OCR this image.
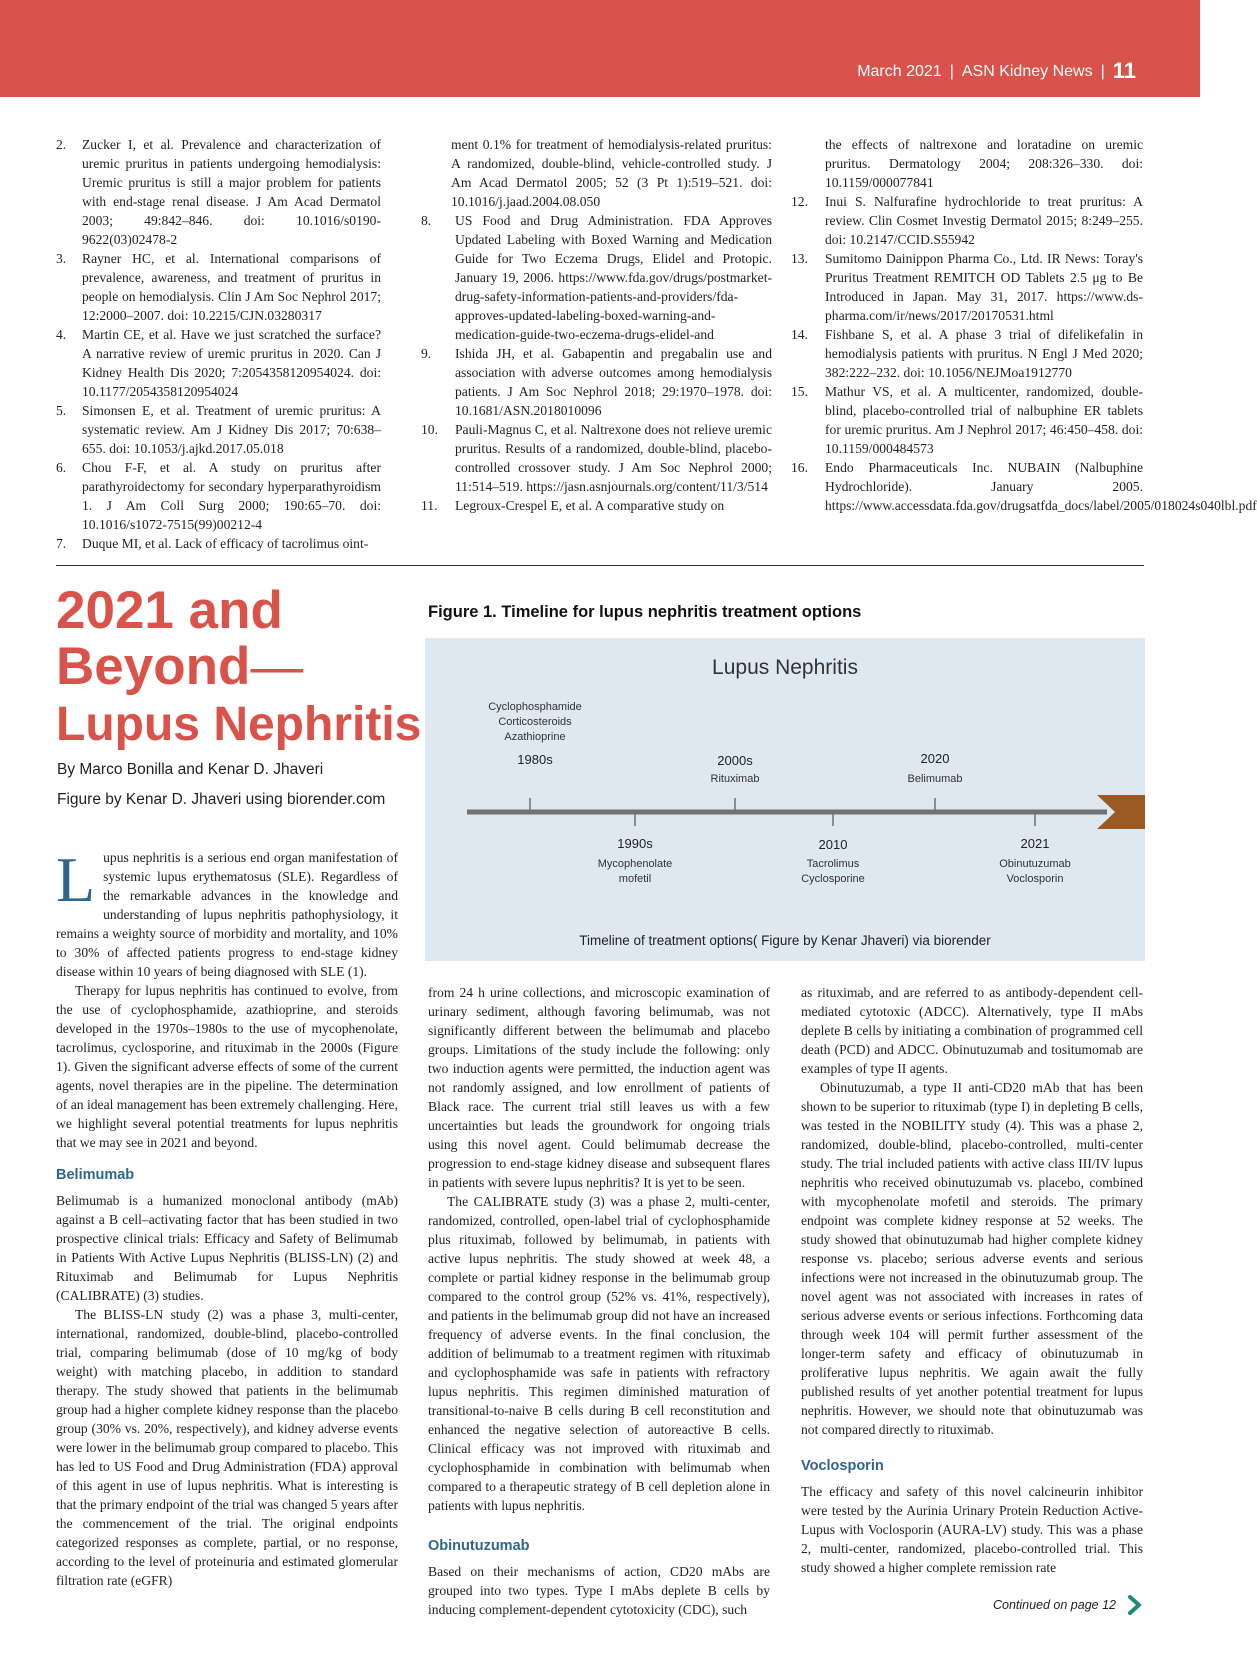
March 2021 | ASN Kidney News | 11
2. Zucker I, et al. Prevalence and characterization of uremic pruritus in patients undergoing hemodialysis: Uremic pruritus is still a major problem for patients with end-stage renal disease. J Am Acad Dermatol 2003; 49:842–846. doi: 10.1016/s0190-9622(03)02478-2
3. Rayner HC, et al. International comparisons of prevalence, awareness, and treatment of pruritus in people on hemodialysis. Clin J Am Soc Nephrol 2017; 12:2000–2007. doi: 10.2215/CJN.03280317
4. Martin CE, et al. Have we just scratched the surface? A narrative review of uremic pruritus in 2020. Can J Kidney Health Dis 2020; 7:2054358120954024. doi: 10.1177/2054358120954024
5. Simonsen E, et al. Treatment of uremic pruritus: A systematic review. Am J Kidney Dis 2017; 70:638–655. doi: 10.1053/j.ajkd.2017.05.018
6. Chou F-F, et al. A study on pruritus after parathyroidectomy for secondary hyperparathyroidism 1. J Am Coll Surg 2000; 190:65–70. doi: 10.1016/s1072-7515(99)00212-4
7. Duque MI, et al. Lack of efficacy of tacrolimus oint-
ment 0.1% for treatment of hemodialysis-related pruritus: A randomized, double-blind, vehicle-controlled study. J Am Acad Dermatol 2005; 52 (3 Pt 1):519–521. doi: 10.1016/j.jaad.2004.08.050
8. US Food and Drug Administration. FDA Approves Updated Labeling with Boxed Warning and Medication Guide for Two Eczema Drugs, Elidel and Protopic. January 19, 2006. https://www.fda.gov/drugs/postmarket-drug-safety-information-patients-and-providers/fda-approves-updated-labeling-boxed-warning-and-medication-guide-two-eczema-drugs-elidel-and
9. Ishida JH, et al. Gabapentin and pregabalin use and association with adverse outcomes among hemodialysis patients. J Am Soc Nephrol 2018; 29:1970–1978. doi: 10.1681/ASN.2018010096
10. Pauli-Magnus C, et al. Naltrexone does not relieve uremic pruritus. Results of a randomized, double-blind, placebo-controlled crossover study. J Am Soc Nephrol 2000; 11:514–519. https://jasn.asnjournals.org/content/11/3/514
11. Legroux-Crespel E, et al. A comparative study on
the effects of naltrexone and loratadine on uremic pruritus. Dermatology 2004; 208:326–330. doi: 10.1159/000077841
12. Inui S. Nalfurafine hydrochloride to treat pruritus: A review. Clin Cosmet Investig Dermatol 2015; 8:249–255. doi: 10.2147/CCID.S55942
13. Sumitomo Dainippon Pharma Co., Ltd. IR News: Toray's Pruritus Treatment REMITCH OD Tablets 2.5 μg to Be Introduced in Japan. May 31, 2017. https://www.ds-pharma.com/ir/news/2017/20170531.html
14. Fishbane S, et al. A phase 3 trial of difelikefalin in hemodialysis patients with pruritus. N Engl J Med 2020; 382:222–232. doi: 10.1056/NEJMoa1912770
15. Mathur VS, et al. A multicenter, randomized, double-blind, placebo-controlled trial of nalbuphine ER tablets for uremic pruritus. Am J Nephrol 2017; 46:450–458. doi: 10.1159/000484573
16. Endo Pharmaceuticals Inc. NUBAIN (Nalbuphine Hydrochloride). January 2005. https://www.accessdata.fda.gov/drugsatfda_docs/label/2005/018024s040lbl.pdf
2021 and
Beyond—
Lupus Nephritis
By Marco Bonilla and Kenar D. Jhaveri
Figure by Kenar D. Jhaveri using biorender.com

Lupus nephritis is a serious end organ manifestation of systemic lupus erythematosus (SLE). Regardless of the remarkable advances in the knowledge and understanding of lupus nephritis pathophysiology, it remains a weighty source of morbidity and mortality, and 10% to 30% of affected patients progress to end-stage kidney disease within 10 years of being diagnosed with SLE (1).

Therapy for lupus nephritis has continued to evolve, from the use of cyclophosphamide, azathioprine, and steroids developed in the 1970s–1980s to the use of mycophenolate, tacrolimus, cyclosporine, and rituximab in the 2000s (Figure 1). Given the significant adverse effects of some of the current agents, novel therapies are in the pipeline. The determination of an ideal management has been extremely challenging. Here, we highlight several potential treatments for lupus nephritis that we may see in 2021 and beyond.

Belimumab

Belimumab is a humanized monoclonal antibody (mAb) against a B cell–activating factor that has been studied in two prospective clinical trials: Efficacy and Safety of Belimumab in Patients With Active Lupus Nephritis (BLISS-LN) (2) and Rituximab and Belimumab for Lupus Nephritis (CALIBRATE) (3) studies.

The BLISS-LN study (2) was a phase 3, multi-center, international, randomized, double-blind, placebo-controlled trial, comparing belimumab (dose of 10 mg/kg of body weight) with matching placebo, in addition to standard therapy. The study showed that patients in the belimumab group had a higher complete kidney response than the placebo group (30% vs. 20%, respectively), and kidney adverse events were lower in the belimumab group compared to placebo. This has led to US Food and Drug Administration (FDA) approval of this agent in use of lupus nephritis. What is interesting is that the primary endpoint of the trial was changed 5 years after the commencement of the trial. The original endpoints categorized responses as complete, partial, or no response, according to the level of proteinuria and estimated glomerular filtration rate (eGFR)

Figure 1. Timeline for lupus nephritis treatment options
Lupus Nephritis
Cyclophosphamide
Corticosteroids
Azathioprine
1980s	2000s
Rituximab
2020
Belimumab
1990s
Mycophenolate
mofetil
2010
Tacrolimus
Cyclosporine
2021
Obinutuzumab
Voclosporin
Timeline of treatment options( Figure by Kenar Jhaveri) via biorender

from 24 h urine collections, and microscopic examination of urinary sediment, although favoring belimumab, was not significantly different between the belimumab and placebo groups. Limitations of the study include the following: only two induction agents were permitted, the induction agent was not randomly assigned, and low enrollment of patients of Black race. The current trial still leaves us with a few uncertainties but leads the groundwork for ongoing trials using this novel agent. Could belimumab decrease the progression to end-stage kidney disease and subsequent flares in patients with severe lupus nephritis? It is yet to be seen.

The CALIBRATE study (3) was a phase 2, multi-center, randomized, controlled, open-label trial of cyclophosphamide plus rituximab, followed by belimumab, in patients with active lupus nephritis. The study showed at week 48, a complete or partial kidney response in the belimumab group compared to the control group (52% vs. 41%, respectively), and patients in the belimumab group did not have an increased frequency of adverse events. In the final conclusion, the addition of belimumab to a treatment regimen with rituximab and cyclophosphamide was safe in patients with refractory lupus nephritis. This regimen diminished maturation of transitional-to-naive B cells during B cell reconstitution and enhanced the negative selection of autoreactive B cells. Clinical efficacy was not improved with rituximab and cyclophosphamide in combination with belimumab when compared to a therapeutic strategy of B cell depletion alone in patients with lupus nephritis.

Obinutuzumab

Based on their mechanisms of action, CD20 mAbs are grouped into two types. Type I mAbs deplete B cells by inducing complement-dependent cytotoxicity (CDC), such

as rituximab, and are referred to as antibody-dependent cell-mediated cytotoxic (ADCC). Alternatively, type II mAbs deplete B cells by initiating a combination of programmed cell death (PCD) and ADCC. Obinutuzumab and tositumomab are examples of type II agents.

Obinutuzumab, a type II anti-CD20 mAb that has been shown to be superior to rituximab (type I) in depleting B cells, was tested in the NOBILITY study (4). This was a phase 2, randomized, double-blind, placebo-controlled, multi-center study. The trial included patients with active class III/IV lupus nephritis who received obinutuzumab vs. placebo, combined with mycophenolate mofetil and steroids. The primary endpoint was complete kidney response at 52 weeks. The study showed that obinutuzumab had higher complete kidney response vs. placebo; serious adverse events and serious infections were not increased in the obinutuzumab group. The novel agent was not associated with increases in rates of serious adverse events or serious infections. Forthcoming data through week 104 will permit further assessment of the longer-term safety and efficacy of obinutuzumab in proliferative lupus nephritis. We again await the fully published results of yet another potential treatment for lupus nephritis. However, we should note that obinutuzumab was not compared directly to rituximab.

Voclosporin

The efficacy and safety of this novel calcineurin inhibitor were tested by the Aurinia Urinary Protein Reduction Active-Lupus with Voclosporin (AURA-LV) study. This was a phase 2, multi-center, randomized, placebo-controlled trial. This study showed a higher complete remission rate

Continued on page 12
